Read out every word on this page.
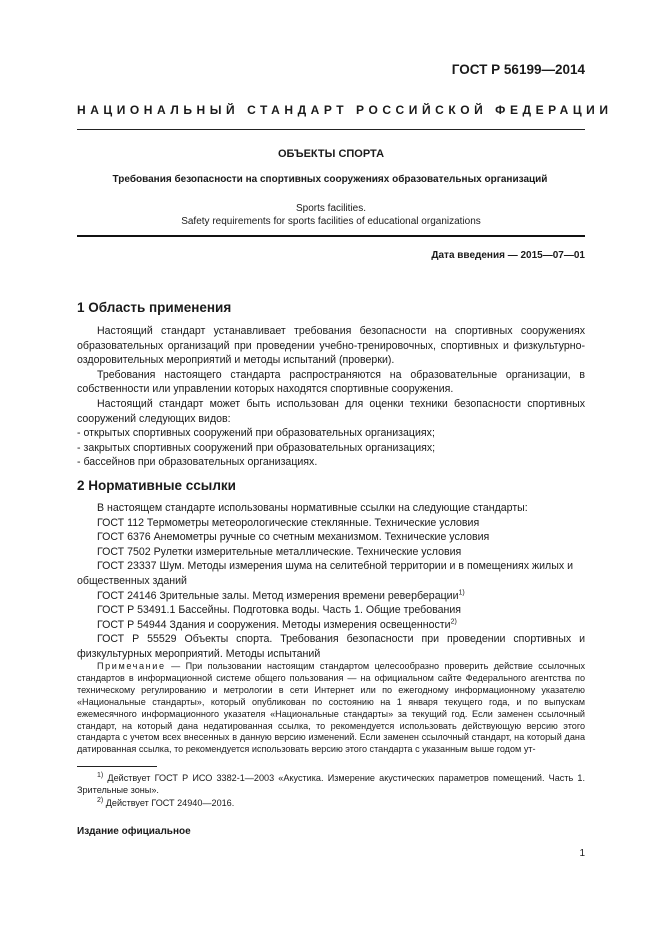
ГОСТ Р 56199—2014
НАЦИОНАЛЬНЫЙ СТАНДАРТ РОССИЙСКОЙ ФЕДЕРАЦИИ
ОБЪЕКТЫ СПОРТА
Требования безопасности на спортивных сооружениях образовательных организаций
Sports facilities.
Safety requirements for sports facilities of educational organizations
Дата введения — 2015—07—01
1 Область применения

Настоящий стандарт устанавливает требования безопасности на спортивных сооружениях образовательных организаций при проведении учебно-тренировочных, спортивных и физкультурно-оздоровительных мероприятий и методы испытаний (проверки).

Требования настоящего стандарта распространяются на образовательные организации, в собственности или управлении которых находятся спортивные сооружения.

Настоящий стандарт может быть использован для оценки техники безопасности спортивных сооружений следующих видов:

- открытых спортивных сооружений при образовательных организациях;

- закрытых спортивных сооружений при образовательных организациях;

- бассейнов при образовательных организациях.

2 Нормативные ссылки

В настоящем стандарте использованы нормативные ссылки на следующие стандарты:

ГОСТ 112 Термометры метеорологические стеклянные. Технические условия

ГОСТ 6376 Анемометры ручные со счетным механизмом. Технические условия

ГОСТ 7502 Рулетки измерительные металлические. Технические условия

ГОСТ 23337 Шум. Методы измерения шума на селитебной территории и в помещениях жилых и общественных зданий

ГОСТ 24146 Зрительные залы. Метод измерения времени реверберации$^{1)}$

ГОСТ Р 53491.1 Бассейны. Подготовка воды. Часть 1. Общие требования

ГОСТ Р 54944 Здания и сооружения. Методы измерения освещенности$^{2)}$

ГОСТ Р 55529 Объекты спорта. Требования безопасности при проведении спортивных и физкультурных мероприятий. Методы испытаний

Примечание — При пользовании настоящим стандартом целесообразно проверить действие ссылочных стандартов в информационной системе общего пользования — на официальном сайте Федерального агентства по техническому регулированию и метрологии в сети Интернет или по ежегодному информационному указателю «Национальные стандарты», который опубликован по состоянию на 1 января текущего года, и по выпускам ежемесячного информационного указателя «Национальные стандарты» за текущий год. Если заменен ссылочный стандарт, на который дана недатированная ссылка, то рекомендуется использовать действующую версию этого стандарта с учетом всех внесенных в данную версию изменений. Если заменен ссылочный стандарт, на который дана датированная ссылка, то рекомендуется использовать версию этого стандарта с указанным выше годом ут-
$^{1)}$ Действует ГОСТ Р ИСО 3382-1—2003 «Акустика. Измерение акустических параметров помещений. Часть 1. Зрительные зоны».
$^{2)}$ Действует ГОСТ 24940—2016.
Издание официальное
1
